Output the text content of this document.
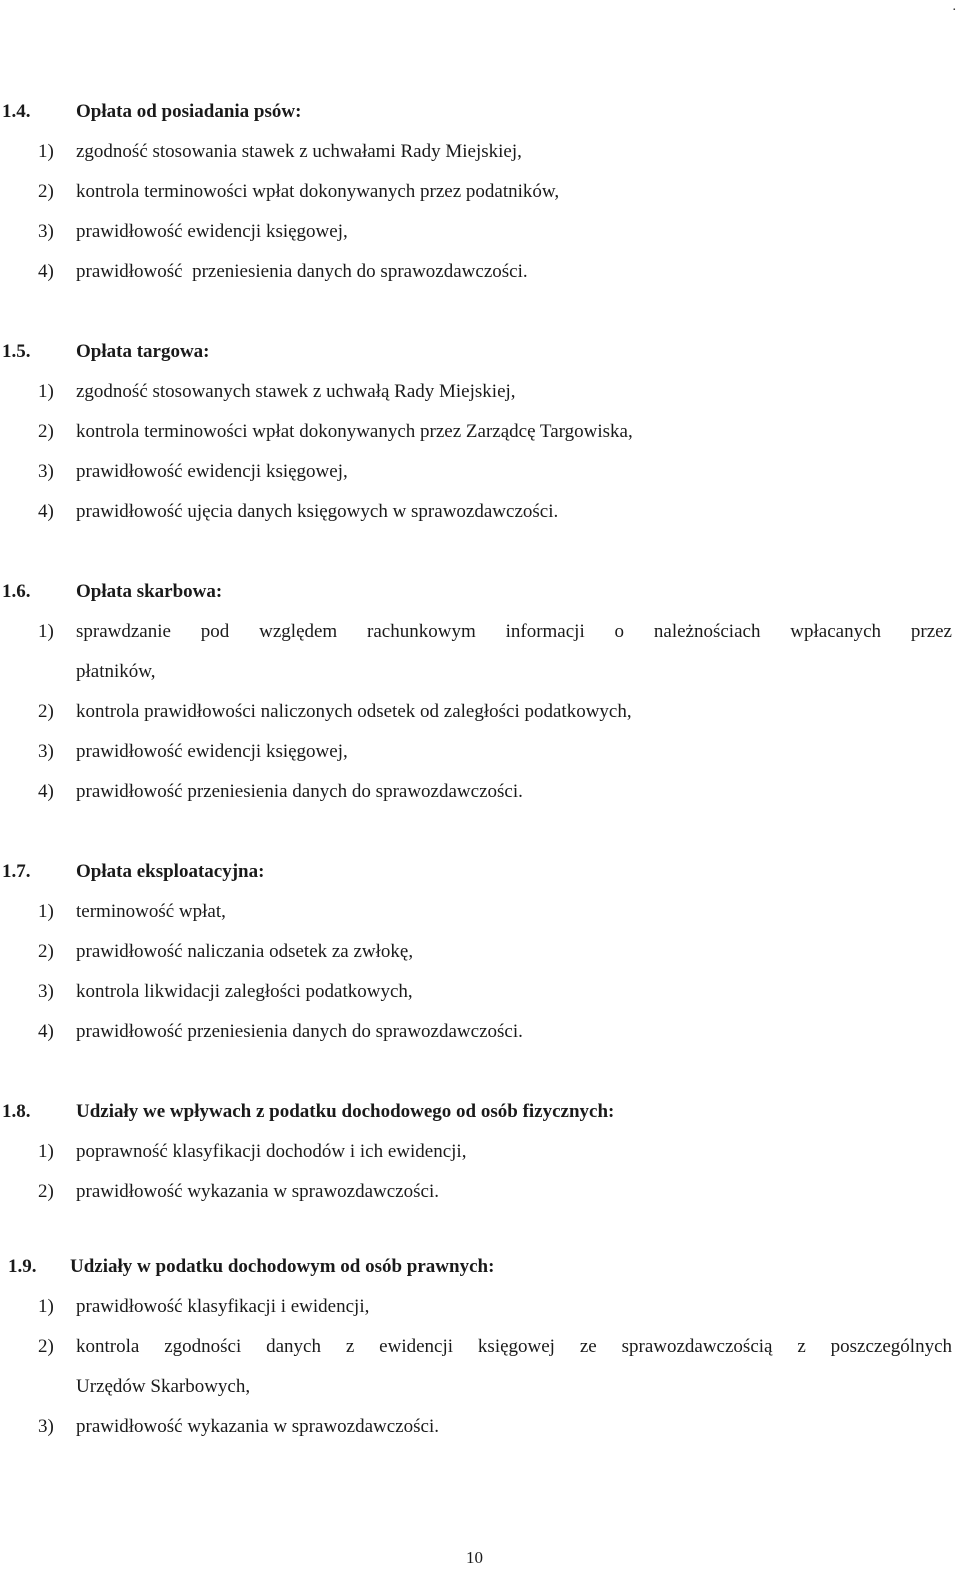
.
1.4. Opłata od posiadania psów:
1) zgodność stosowania stawek z uchwałami Rady Miejskiej,
2) kontrola terminowości wpłat dokonywanych przez podatników,
3) prawidłowość ewidencji księgowej,
4) prawidłowość  przeniesienia danych do sprawozdawczości.
1.5. Opłata targowa:
1) zgodność stosowanych stawek z uchwałą Rady Miejskiej,
2) kontrola terminowości wpłat dokonywanych przez Zarządcę Targowiska,
3) prawidłowość ewidencji księgowej,
4) prawidłowość ujęcia danych księgowych w sprawozdawczości.
1.6. Opłata skarbowa:
1) sprawdzanie pod względem rachunkowym informacji o należnościach wpłacanych przez
płatników,
2) kontrola prawidłowości naliczonych odsetek od zaległości podatkowych,
3) prawidłowość ewidencji księgowej,
4) prawidłowość przeniesienia danych do sprawozdawczości.
1.7. Opłata eksploatacyjna:
1) terminowość wpłat,
2) prawidłowość naliczania odsetek za zwłokę,
3) kontrola likwidacji zaległości podatkowych,
4) prawidłowość przeniesienia danych do sprawozdawczości.
1.8. Udziały we wpływach z podatku dochodowego od osób fizycznych:
1) poprawność klasyfikacji dochodów i ich ewidencji,
2) prawidłowość wykazania w sprawozdawczości.
1.9. Udziały w podatku dochodowym od osób prawnych:
1) prawidłowość klasyfikacji i ewidencji,
2) kontrola zgodności danych z ewidencji księgowej ze sprawozdawczością z poszczególnych
Urzędów Skarbowych,
3) prawidłowość wykazania w sprawozdawczości.
10
